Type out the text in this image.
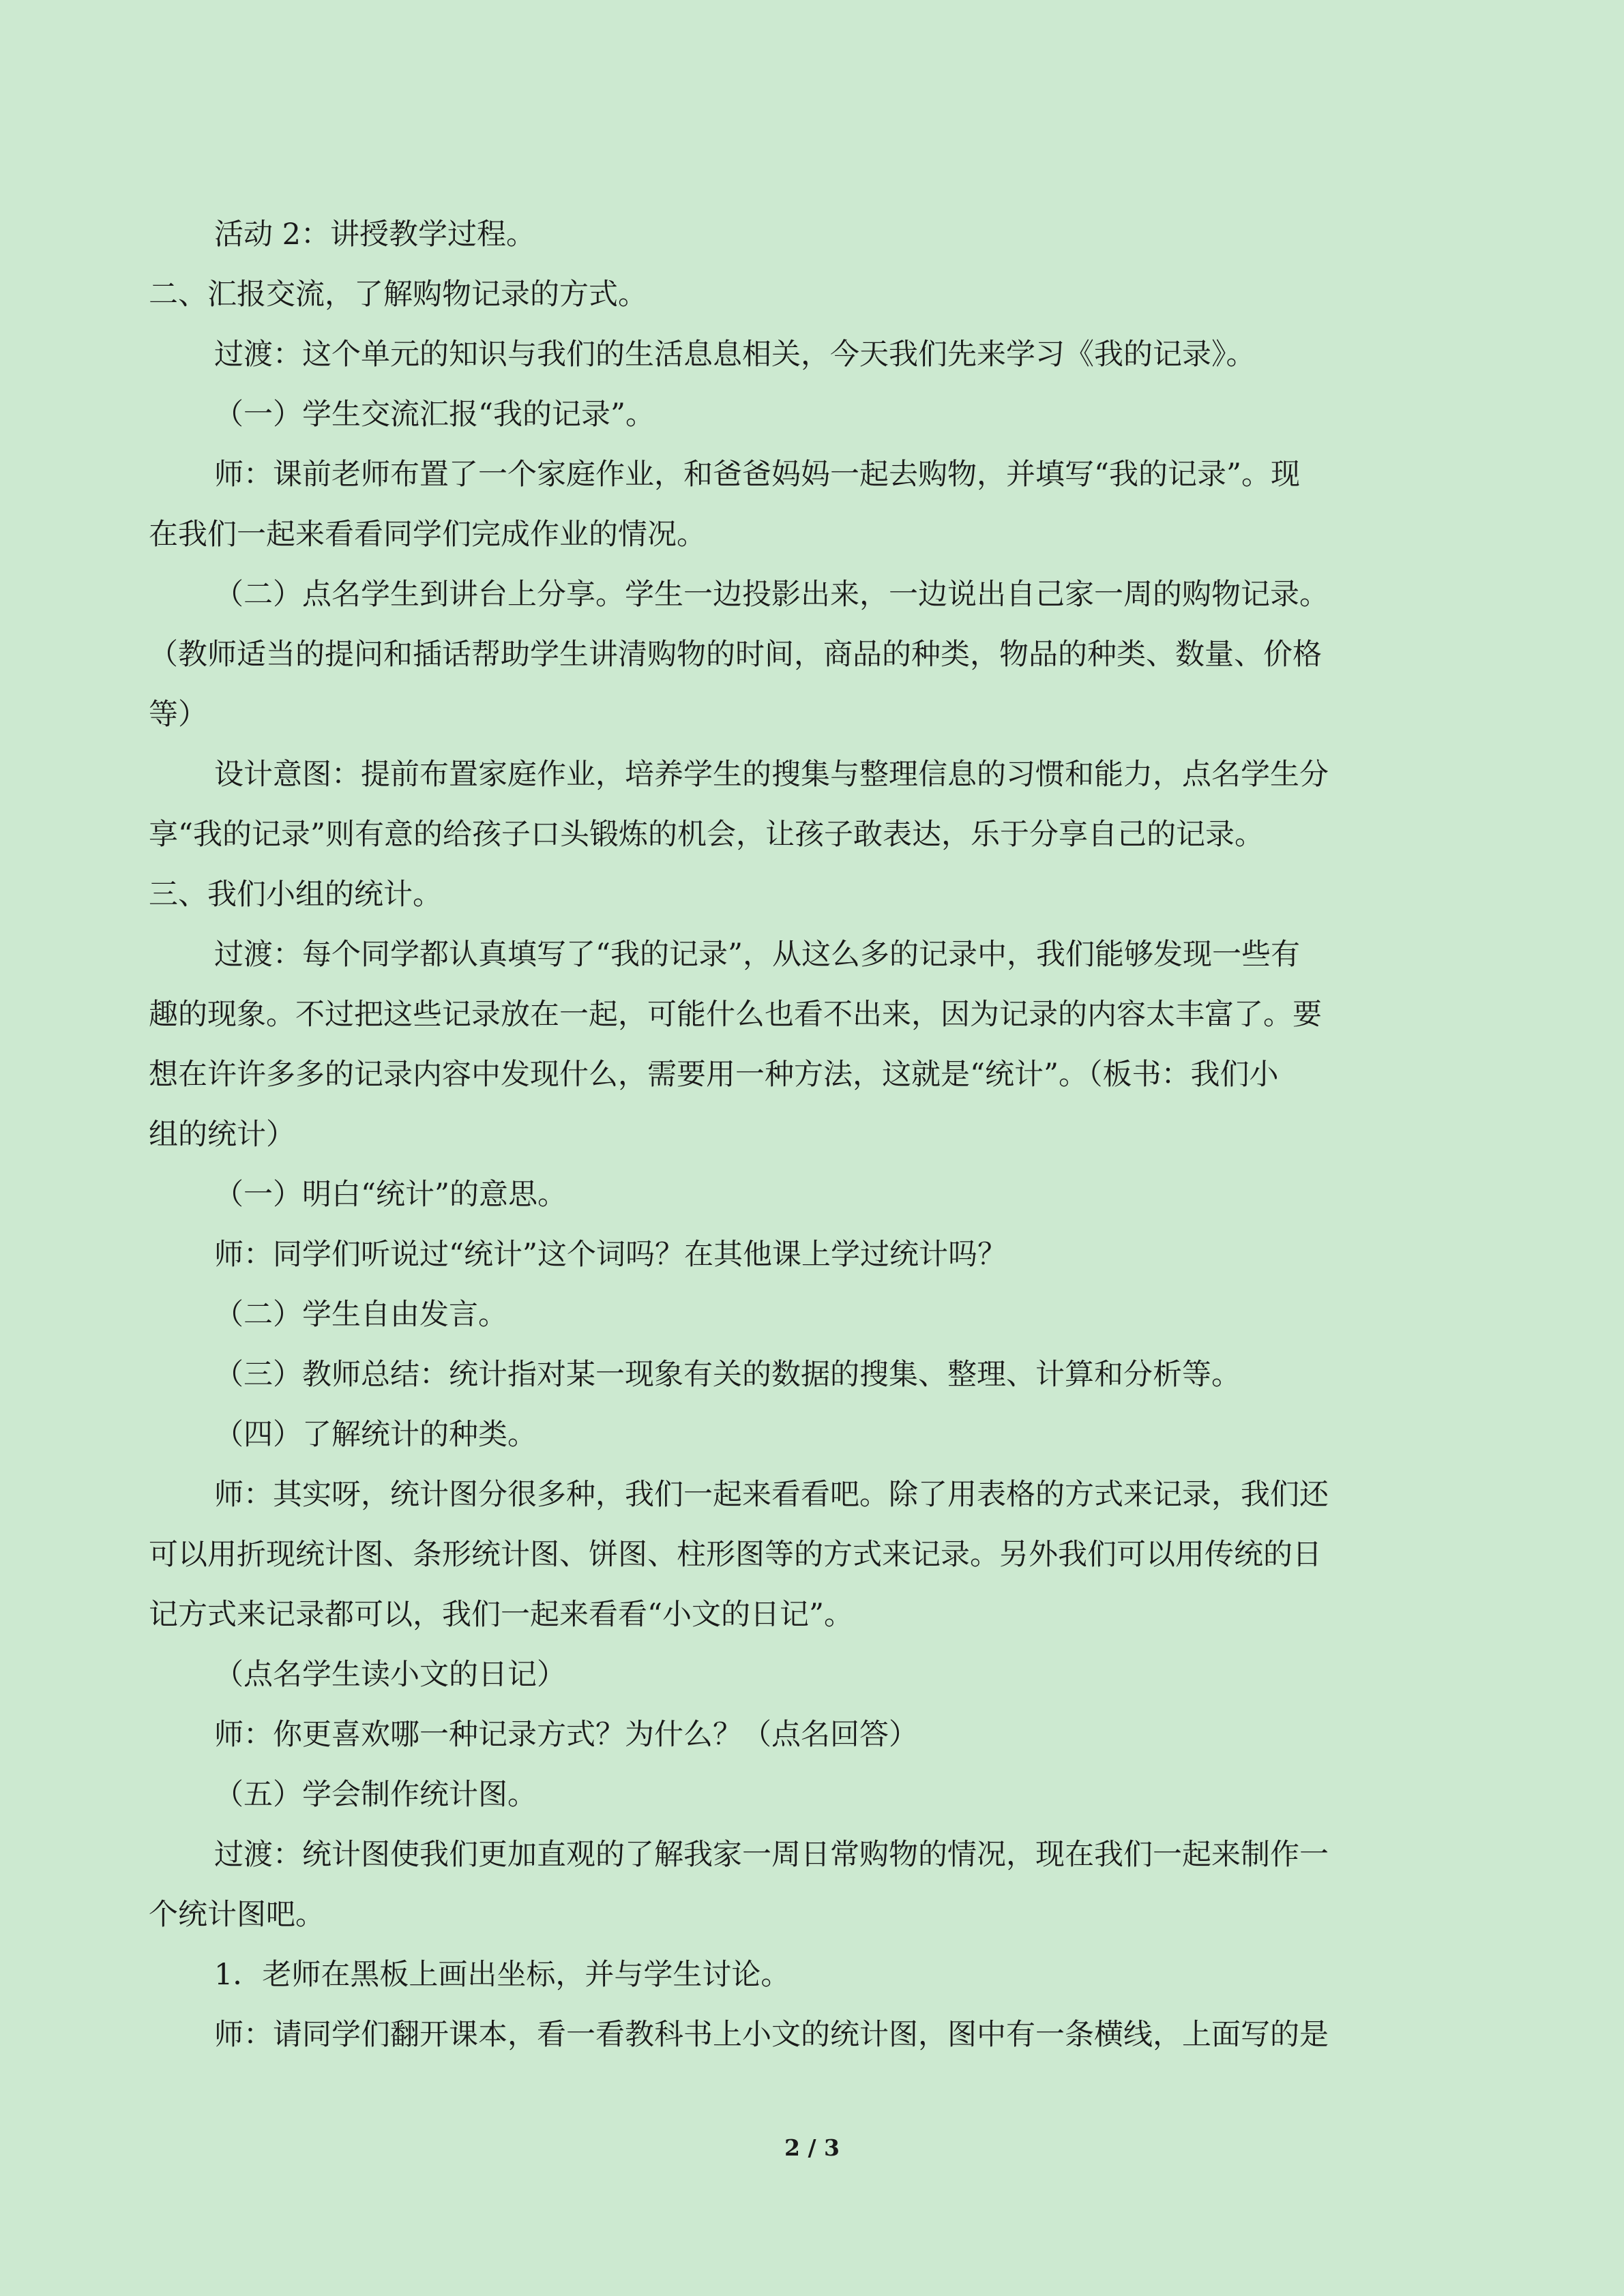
活动 2：讲授教学过程。

二、汇报交流，了解购物记录的方式。

过渡：这个单元的知识与我们的生活息息相关，今天我们先来学习《我的记录》。

（一）学生交流汇报“我的记录”。

师：课前老师布置了一个家庭作业，和爸爸妈妈一起去购物，并填写“我的记录”。现

在我们一起来看看同学们完成作业的情况。

（二）点名学生到讲台上分享。学生一边投影出来，一边说出自己家一周的购物记录。

（教师适当的提问和插话帮助学生讲清购物的时间，商品的种类，物品的种类、数量、价格

等）

设计意图：提前布置家庭作业，培养学生的搜集与整理信息的习惯和能力，点名学生分

享“我的记录”则有意的给孩子口头锻炼的机会，让孩子敢表达，乐于分享自己的记录。

三、我们小组的统计。

过渡：每个同学都认真填写了“我的记录”，从这么多的记录中，我们能够发现一些有

趣的现象。不过把这些记录放在一起，可能什么也看不出来，因为记录的内容太丰富了。要

想在许许多多的记录内容中发现什么，需要用一种方法，这就是“统计”。（板书：我们小

组的统计）

（一）明白“统计”的意思。

师：同学们听说过“统计”这个词吗？在其他课上学过统计吗？

（二）学生自由发言。

（三）教师总结：统计指对某一现象有关的数据的搜集、整理、计算和分析等。

（四）了解统计的种类。

师：其实呀，统计图分很多种，我们一起来看看吧。除了用表格的方式来记录，我们还

可以用折现统计图、条形统计图、饼图、柱形图等的方式来记录。另外我们可以用传统的日

记方式来记录都可以，我们一起来看看“小文的日记”。

（点名学生读小文的日记）

师：你更喜欢哪一种记录方式？为什么？（点名回答）

（五）学会制作统计图。

过渡：统计图使我们更加直观的了解我家一周日常购物的情况，现在我们一起来制作一

个统计图吧。

1．老师在黑板上画出坐标，并与学生讨论。

师：请同学们翻开课本，看一看教科书上小文的统计图，图中有一条横线，上面写的是

2 / 3
